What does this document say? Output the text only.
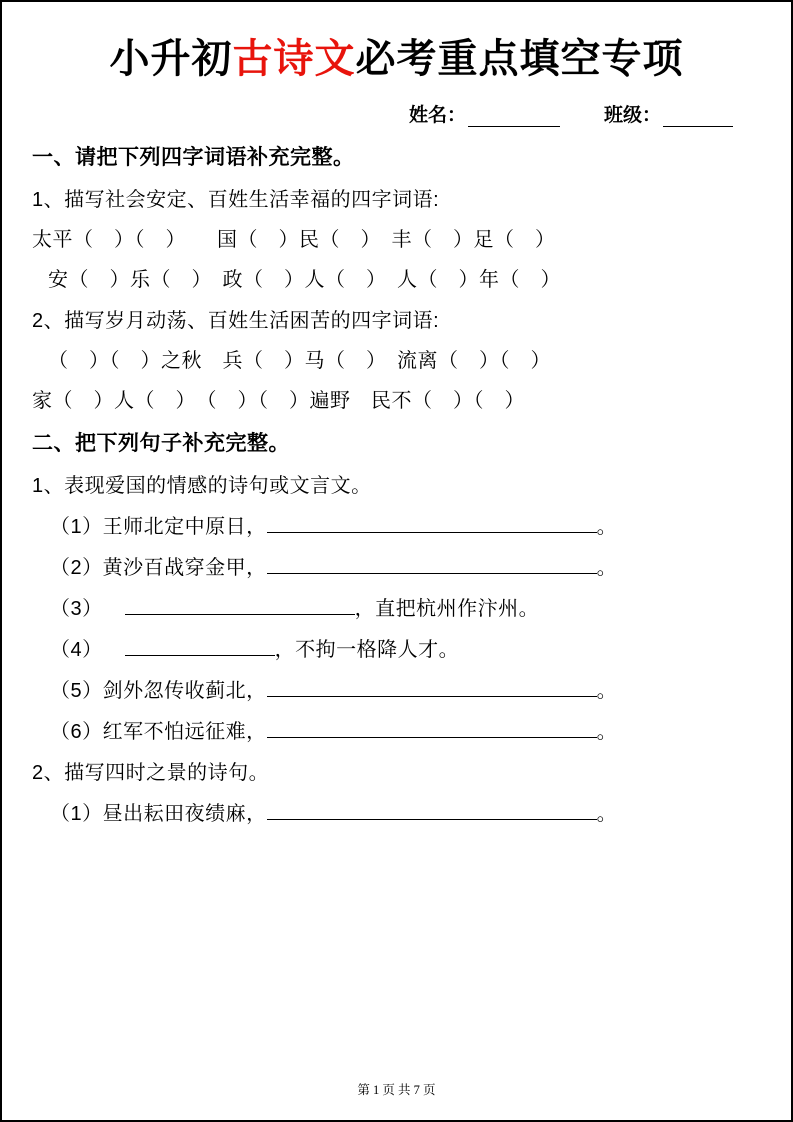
小升初古诗文必考重点填空专项
姓名：	班级：
一、请把下列四字词语补充完整。
1、描写社会安定、百姓生活幸福的四字词语:
太平（　）（　）　　国（　）民（　）　丰（　）足（　）
安（　）乐（　）　政（　）人（　）　人（　）年（　）
2、描写岁月动荡、百姓生活困苦的四字词语:
（　）（　）之秋　兵（　）马（　）　流离（　）（　）
家（　）人（　）　（　）（　）遍野　民不（　）（　）
二、把下列句子补充完整。
1、表现爱国的情感的诗句或文言文。
（1） 王师北定中原日，	。
（2） 黄沙百战穿金甲，	。
（3）	，直把杭州作汴州。
（4）	，不拘一格降人才。
（5） 剑外忽传收蓟北，	。
（6） 红军不怕远征难，	。
2、描写四时之景的诗句。
（1） 昼出耘田夜绩麻，	。
第 1 页 共 7 页
